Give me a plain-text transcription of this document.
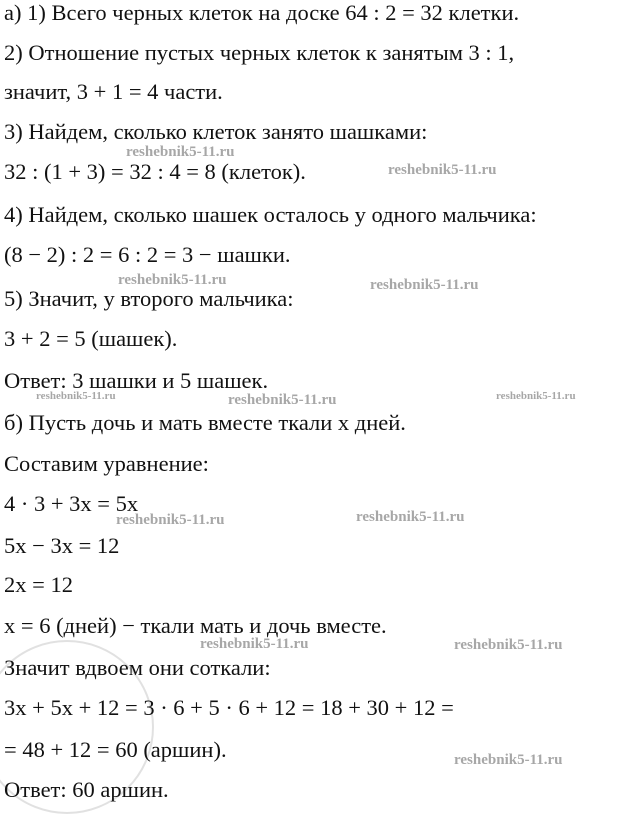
а) 1) Всего черных клеток на доске 64 : 2 = 32 клетки.
2) Отношение пустых черных клеток к занятым 3 : 1,
значит, 3 + 1 = 4 части.
3) Найдем, сколько клеток занято шашками:
32 : (1 + 3) = 32 : 4 = 8 (клеток).
4) Найдем, сколько шашек осталось у одного мальчика:
(8 − 2) : 2 = 6 : 2 = 3 − шашки.
5) Значит, у второго мальчика:
3 + 2 = 5 (шашек).
Ответ: 3 шашки и 5 шашек.
б) Пусть дочь и мать вместе ткали x дней.
Составим уравнение:
4 · 3 + 3x = 5x
5x − 3x = 12
2x = 12
x = 6 (дней) − ткали мать и дочь вместе.
Значит вдвоем они соткали:
3x + 5x + 12 = 3 · 6 + 5 · 6 + 12 = 18 + 30 + 12 =
= 48 + 12 = 60 (аршин).
Ответ: 60 аршин.
reshebnik5-11.ru
reshebnik5-11.ru
reshebnik5-11.ru	reshebnik5-11.ru
reshebnik5-11.ru	reshebnik5-11.ru	reshebnik5-11.ru
reshebnik5-11.ru	reshebnik5-11.ru
reshebnik5-11.ru	reshebnik5-11.ru
reshebnik5-11.ru
